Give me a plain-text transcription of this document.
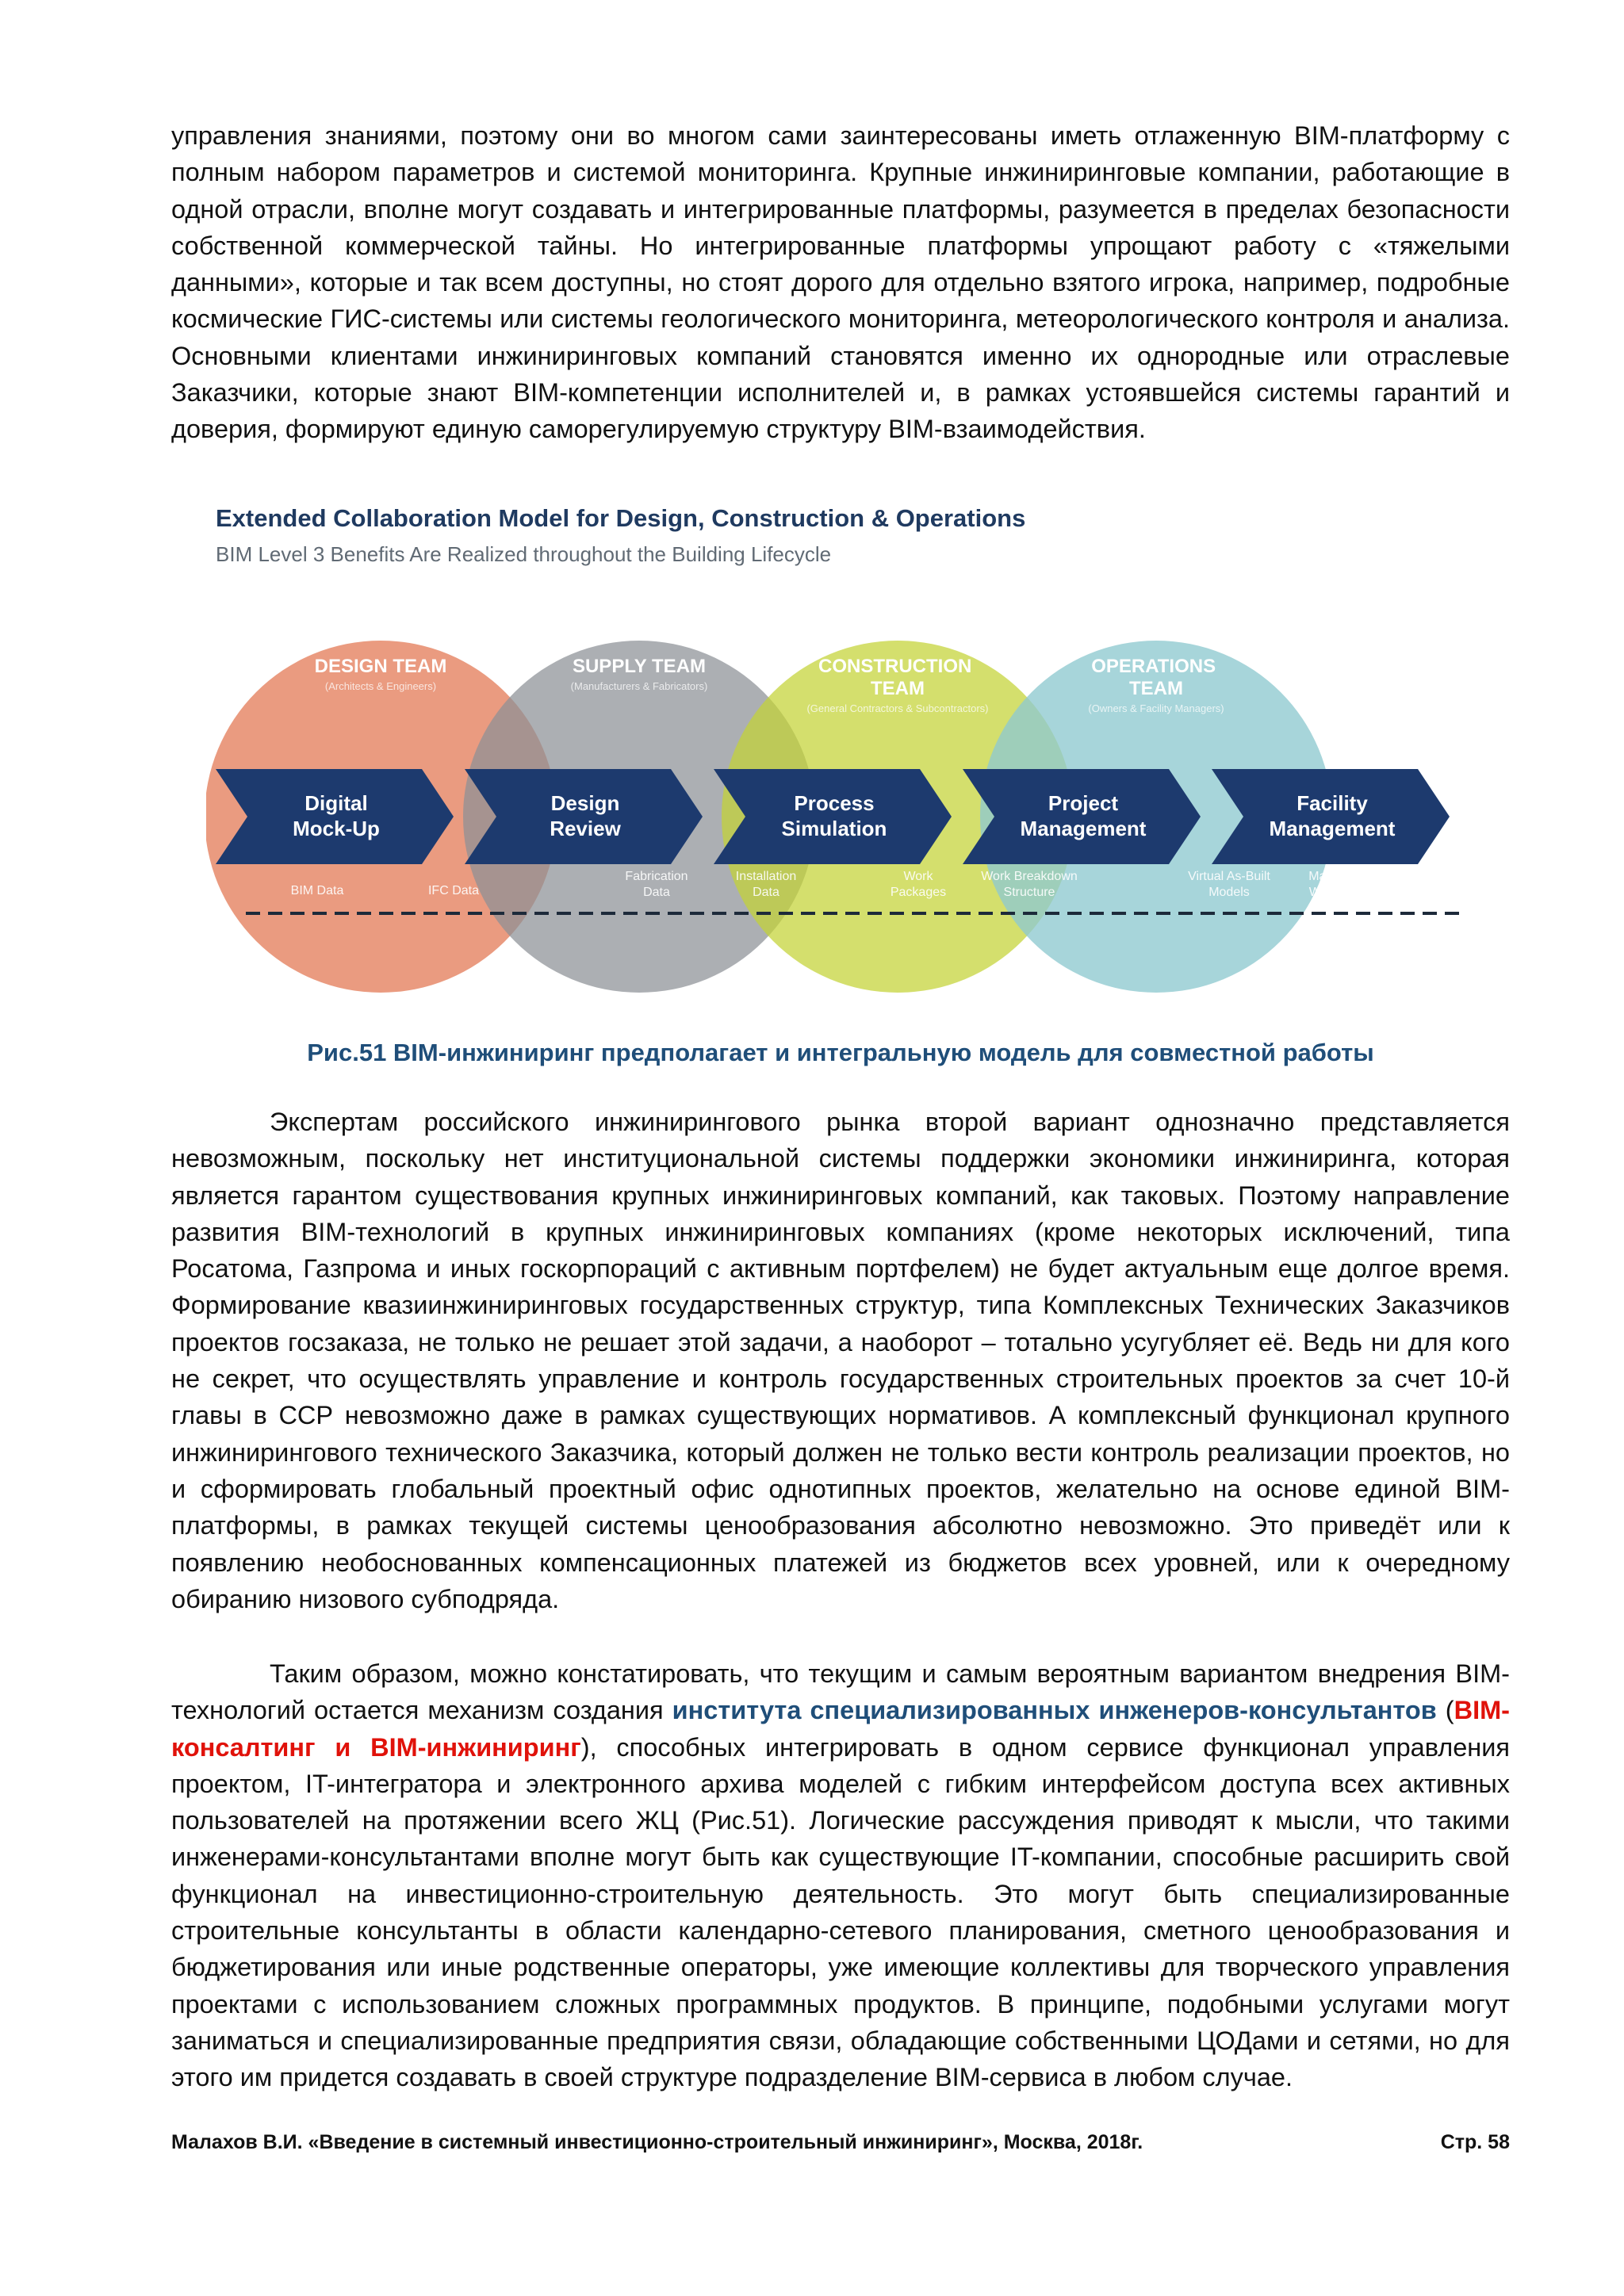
управления знаниями, поэтому они во многом сами заинтересованы иметь отлаженную BIM-платформу с полным набором параметров и системой мониторинга. Крупные инжиниринговые компании, работающие в одной отрасли, вполне могут создавать и интегрированные платформы, разумеется в пределах безопасности собственной коммерческой тайны. Но интегрированные платформы упрощают работу с «тяжелыми данными», которые и так всем доступны, но стоят дорого для отдельно взятого игрока, например, подробные космические ГИС-системы или системы геологического мониторинга, метеорологического контроля и анализа. Основными клиентами инжиниринговых компаний становятся именно их однородные или отраслевые Заказчики, которые знают BIM-компетенции исполнителей и, в рамках устоявшейся системы гарантий и доверия, формируют единую саморегулируемую структуру BIM-взаимодействия.

Extended Collaboration Model for Design, Construction & Operations
BIM Level 3 Benefits Are Realized throughout the Building Lifecycle
DESIGN TEAM
(Architects & Engineers)
SUPPLY TEAM
(Manufacturers & Fabricators)
CONSTRUCTION TEAM
(General Contractors & Subcontractors)
OPERATIONS TEAM
(Owners & Facility Managers)
Digital Mock-Up
Design Review
Process Simulation
Project Management
Facility Management
BIM Data	IFC Data
Fabrication Data
Installation Data
Work Packages
Work Breakdown Structure
Virtual As-Built Models
Maintenance Work Orders
Рис.51 BIM-инжиниринг предполагает и интегральную модель для совместной работы

Экспертам российского инжинирингового рынка второй вариант однозначно представляется невозможным, поскольку нет институциональной системы поддержки экономики инжиниринга, которая является гарантом существования крупных инжиниринговых компаний, как таковых. Поэтому направление развития BIM-технологий в крупных инжиниринговых компаниях (кроме некоторых исключений, типа Росатома, Газпрома и иных госкорпораций с активным портфелем) не будет актуальным еще долгое время. Формирование квазиинжиниринговых государственных структур, типа Комплексных Технических Заказчиков проектов госзаказа, не только не решает этой задачи, а наоборот – тотально усугубляет её. Ведь ни для кого не секрет, что осуществлять управление и контроль государственных строительных проектов за счет 10-й главы в ССР невозможно даже в рамках существующих нормативов. А комплексный функционал крупного инжинирингового технического Заказчика, который должен не только вести контроль реализации проектов, но и сформировать глобальный проектный офис однотипных проектов, желательно на основе единой BIM-платформы, в рамках текущей системы ценообразования абсолютно невозможно. Это приведёт или к появлению необоснованных компенсационных платежей из бюджетов всех уровней, или к очередному обиранию низового субподряда.

Таким образом, можно констатировать, что текущим и самым вероятным вариантом внедрения BIM-технологий остается механизм создания института специализированных инженеров-консультантов (BIM-консалтинг и BIM-инжиниринг), способных интегрировать в одном сервисе функционал управления проектом, IT-интегратора и электронного архива моделей с гибким интерфейсом доступа всех активных пользователей на протяжении всего ЖЦ (Рис.51). Логические рассуждения приводят к мысли, что такими инженерами-консультантами вполне могут быть как существующие IT-компании, способные расширить свой функционал на инвестиционно-строительную деятельность. Это могут быть специализированные строительные консультанты в области календарно-сетевого планирования, сметного ценообразования и бюджетирования или иные родственные операторы, уже имеющие коллективы для творческого управления проектами с использованием сложных программных продуктов. В принципе, подобными услугами могут заниматься и специализированные предприятия связи, обладающие собственными ЦОДами и сетями, но для этого им придется создавать в своей структуре подразделение BIM-сервиса в любом случае.

Малахов В.И. «Введение в системный инвестиционно-строительный инжиниринг», Москва, 2018г.	Стр. 58
